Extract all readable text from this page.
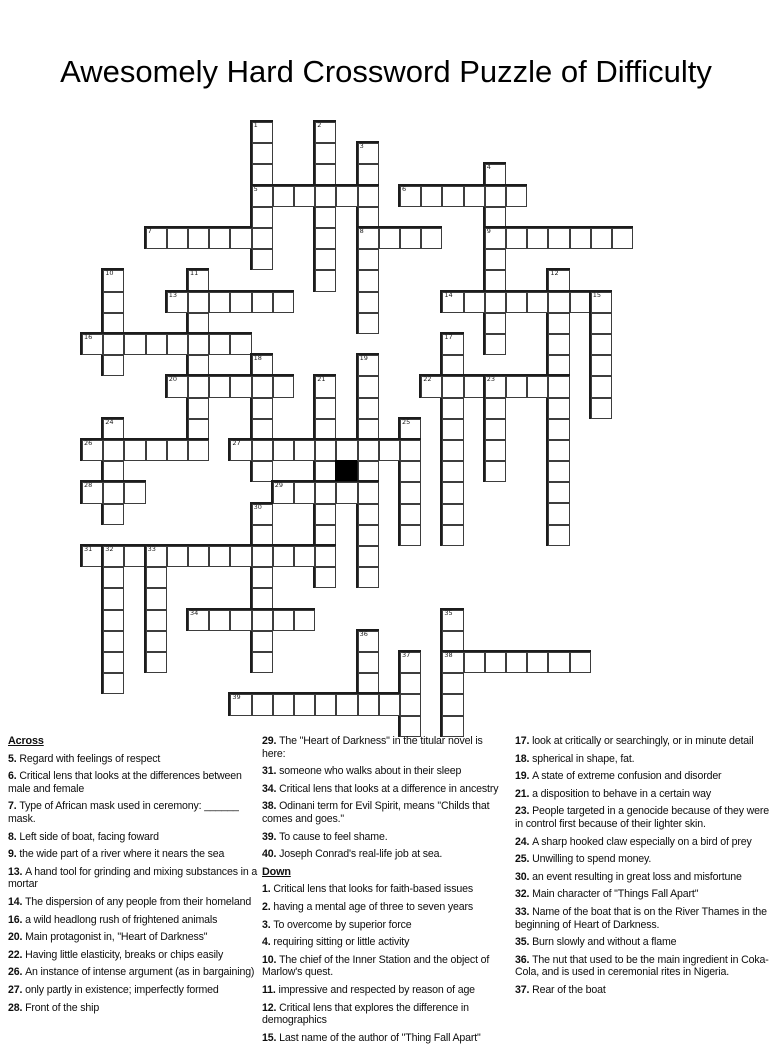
Awesomely Hard Crossword Puzzle of Difficulty
1	2
3
4
5	6
7	8	9
10	11	12
13	14	15
16	17
18	19
20	21	22	23
24	25
26	27
28	29
30
31 32	33
34	35
36
37	38
39
Across

5. Regard with feelings of respect

6. Critical lens that looks at the differences between male and female

7. Type of African mask used in ceremony: ______ mask.

8. Left side of boat, facing foward

9. the wide part of a river where it nears the sea

13. A hand tool for grinding and mixing substances in a mortar

14. The dispersion of any people from their homeland

16. a wild headlong rush of frightened animals

20. Main protagonist in, "Heart of Darkness"

22. Having little elasticity, breaks or chips easily

26. An instance of intense argument (as in bargaining)

27. only partly in existence; imperfectly formed

28. Front of the ship

29. The "Heart of Darkness" in the titular novel is here:

31. someone who walks about in their sleep

34. Critical lens that looks at a difference in ancestry

38. Odinani term for Evil Spirit, means "Childs that comes and goes."

39. To cause to feel shame.

40. Joseph Conrad's real-life job at sea.

Down

1. Critical lens that looks for faith-based issues

2. having a mental age of three to seven years

3. To overcome by superior force

4. requiring sitting or little activity

10. The chief of the Inner Station and the object of Marlow's quest.

11. impressive and respected by reason of age

12. Critical lens that explores the difference in demographics

15. Last name of the author of "Thing Fall Apart"

17. look at critically or searchingly, or in minute detail

18. spherical in shape, fat.

19. A state of extreme confusion and disorder

21. a disposition to behave in a certain way

23. People targeted in a genocide because of they were in control first because of their lighter skin.

24. A sharp hooked claw especially on a bird of prey

25. Unwilling to spend money.

30. an event resulting in great loss and misfortune

32. Main character of "Things Fall Apart"

33. Name of the boat that is on the River Thames in the beginning of Heart of Darkness.

35. Burn slowly and without a flame

36. The nut that used to be the main ingredient in Coka-Cola, and is used in ceremonial rites in Nigeria.

37. Rear of the boat
